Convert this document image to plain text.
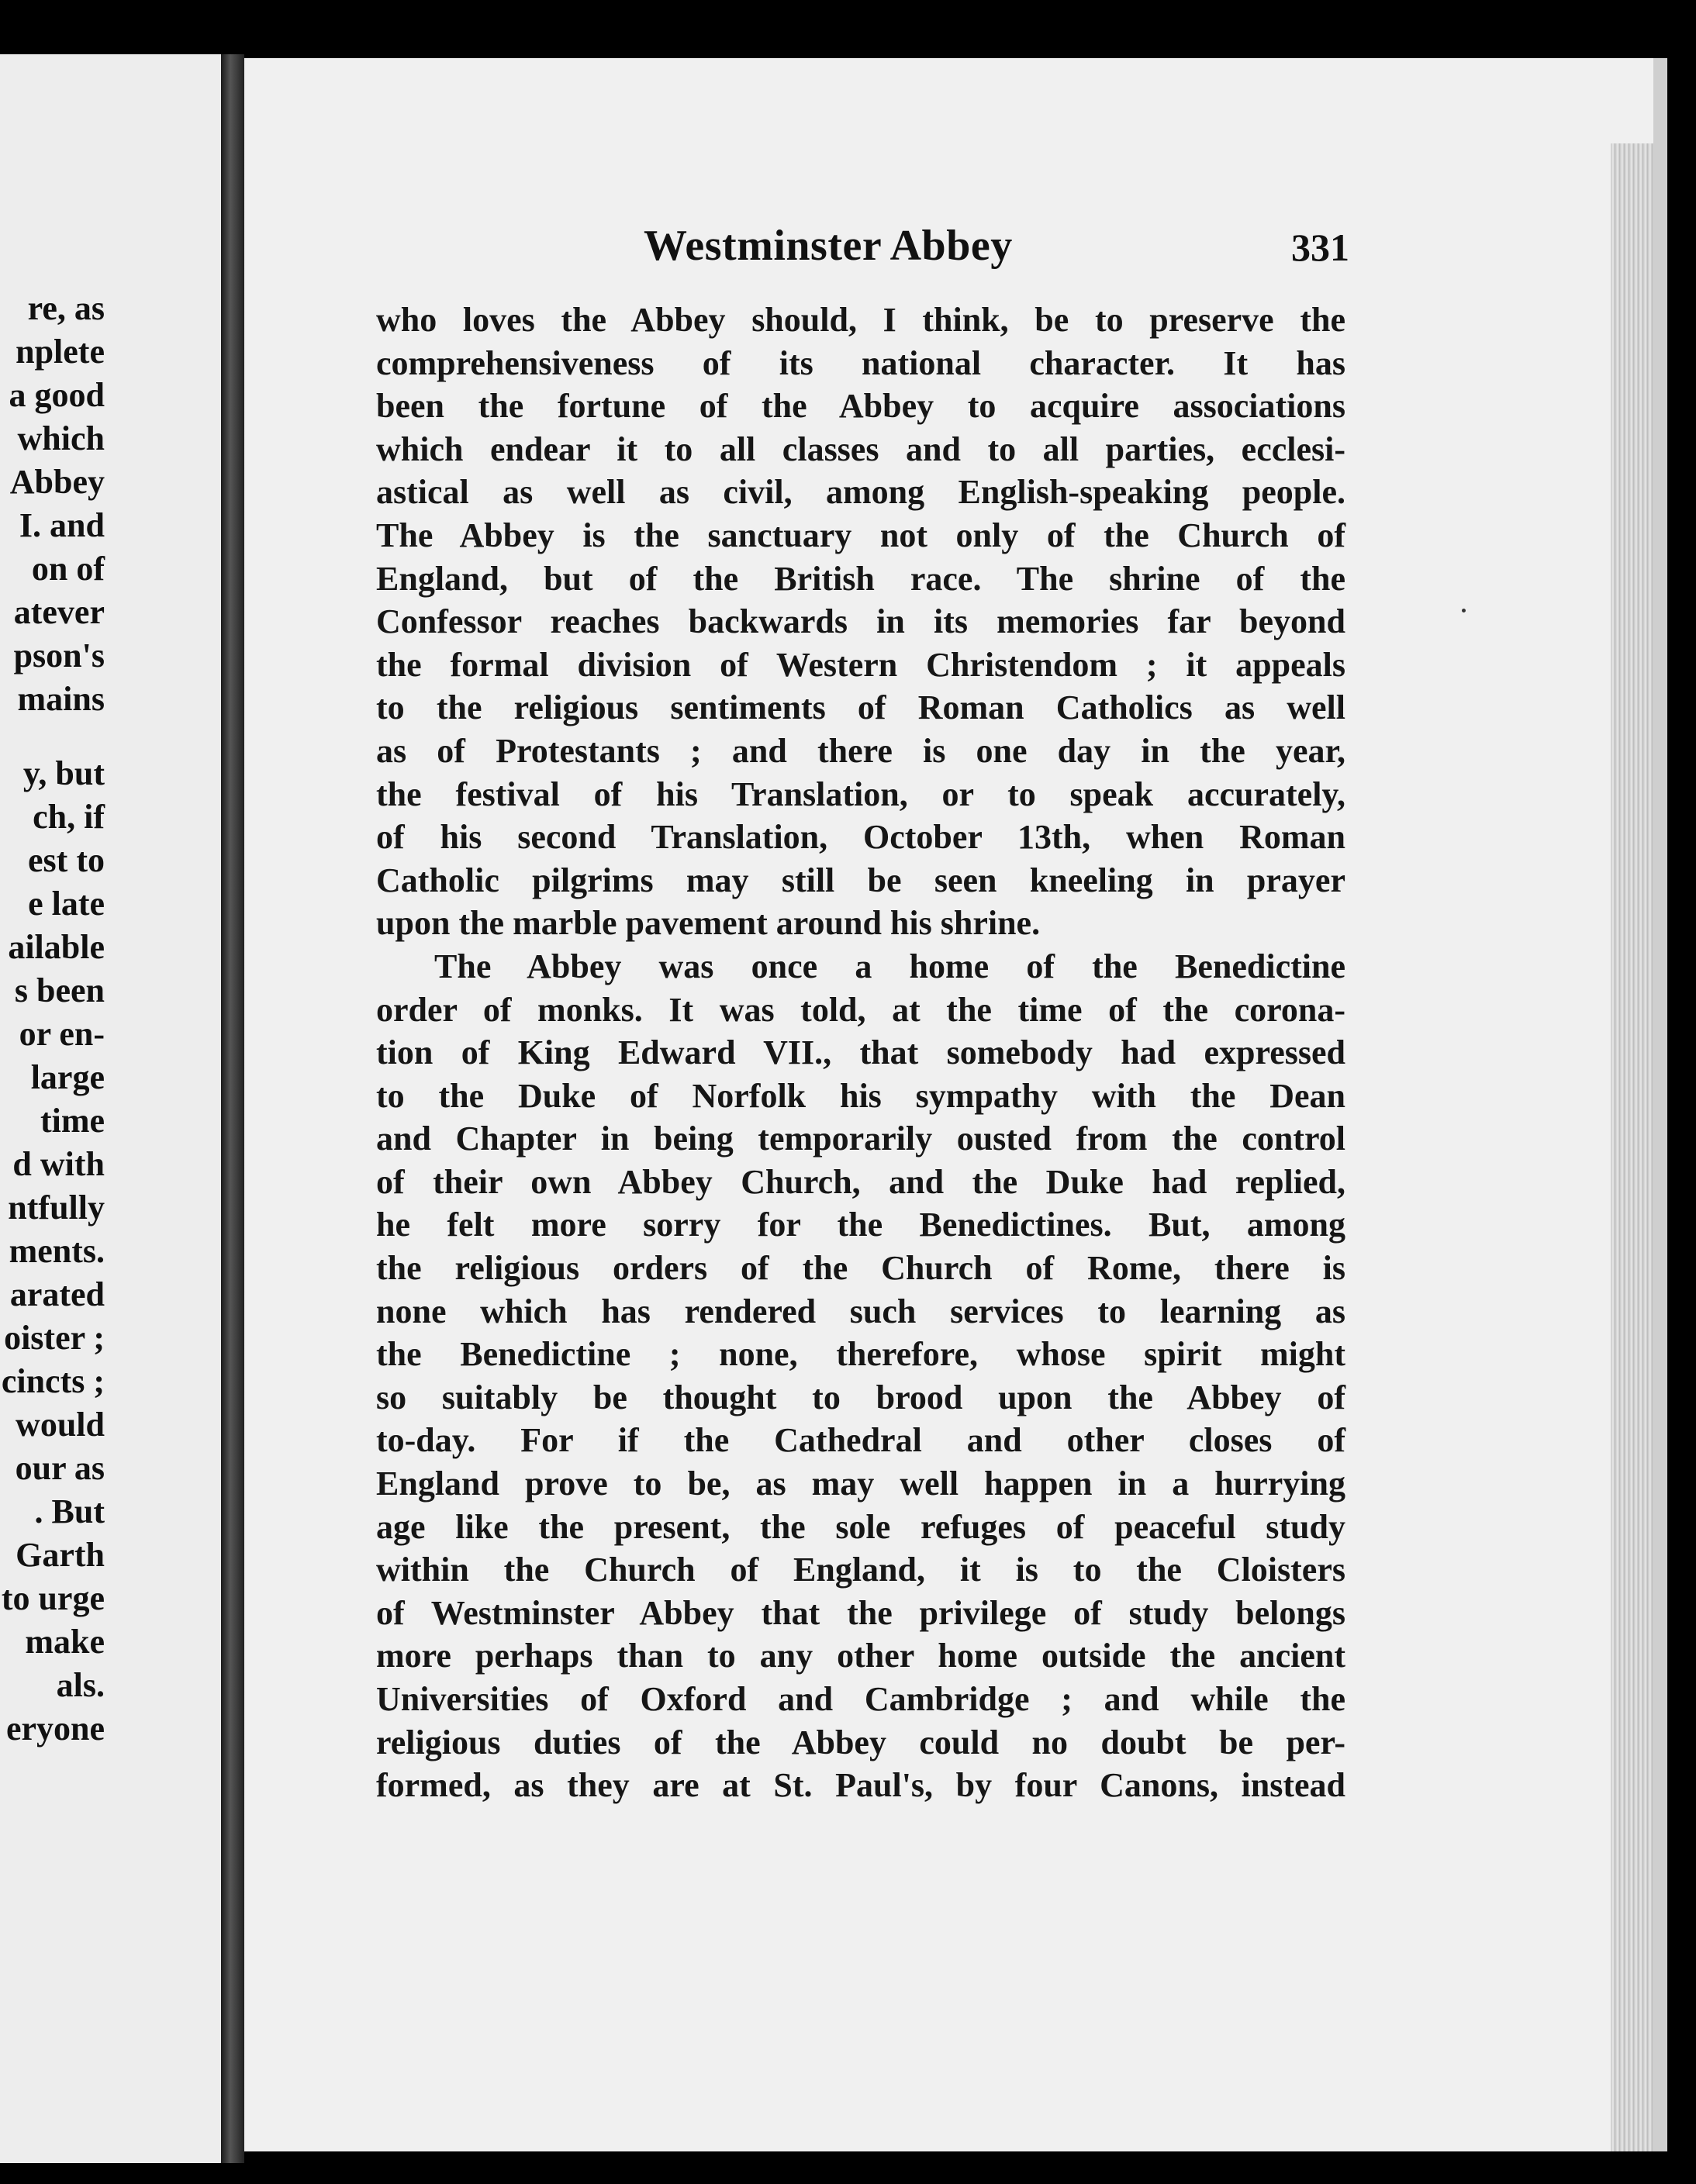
re, as
nplete
a good
which
Abbey
I. and
on of
atever
pson's
mains
y, but
ch, if
est to
e late
ailable
s been
or en-
large
time
d with
ntfully
ments.
arated
oister ;
cincts ;
would
our as
. But
Garth
to urge
make
als.
eryone
Westminster Abbey	331
who loves the Abbey should, I think, be to preserve the
comprehensiveness of its national character. It has
been the fortune of the Abbey to acquire associations
which endear it to all classes and to all parties, ecclesi-
astical as well as civil, among English-speaking people.
The Abbey is the sanctuary not only of the Church of
England, but of the British race. The shrine of the
Confessor reaches backwards in its memories far beyond
the formal division of Western Christendom ; it appeals
to the religious sentiments of Roman Catholics as well
as of Protestants ; and there is one day in the year,
the festival of his Translation, or to speak accurately,
of his second Translation, October 13th, when Roman
Catholic pilgrims may still be seen kneeling in prayer
upon the marble pavement around his shrine.
The Abbey was once a home of the Benedictine
order of monks. It was told, at the time of the corona-
tion of King Edward VII., that somebody had expressed
to the Duke of Norfolk his sympathy with the Dean
and Chapter in being temporarily ousted from the control
of their own Abbey Church, and the Duke had replied,
he felt more sorry for the Benedictines. But, among
the religious orders of the Church of Rome, there is
none which has rendered such services to learning as
the Benedictine ; none, therefore, whose spirit might
so suitably be thought to brood upon the Abbey of
to-day. For if the Cathedral and other closes of
England prove to be, as may well happen in a hurrying
age like the present, the sole refuges of peaceful study
within the Church of England, it is to the Cloisters
of Westminster Abbey that the privilege of study belongs
more perhaps than to any other home outside the ancient
Universities of Oxford and Cambridge ; and while the
religious duties of the Abbey could no doubt be per-
formed, as they are at St. Paul's, by four Canons, instead
